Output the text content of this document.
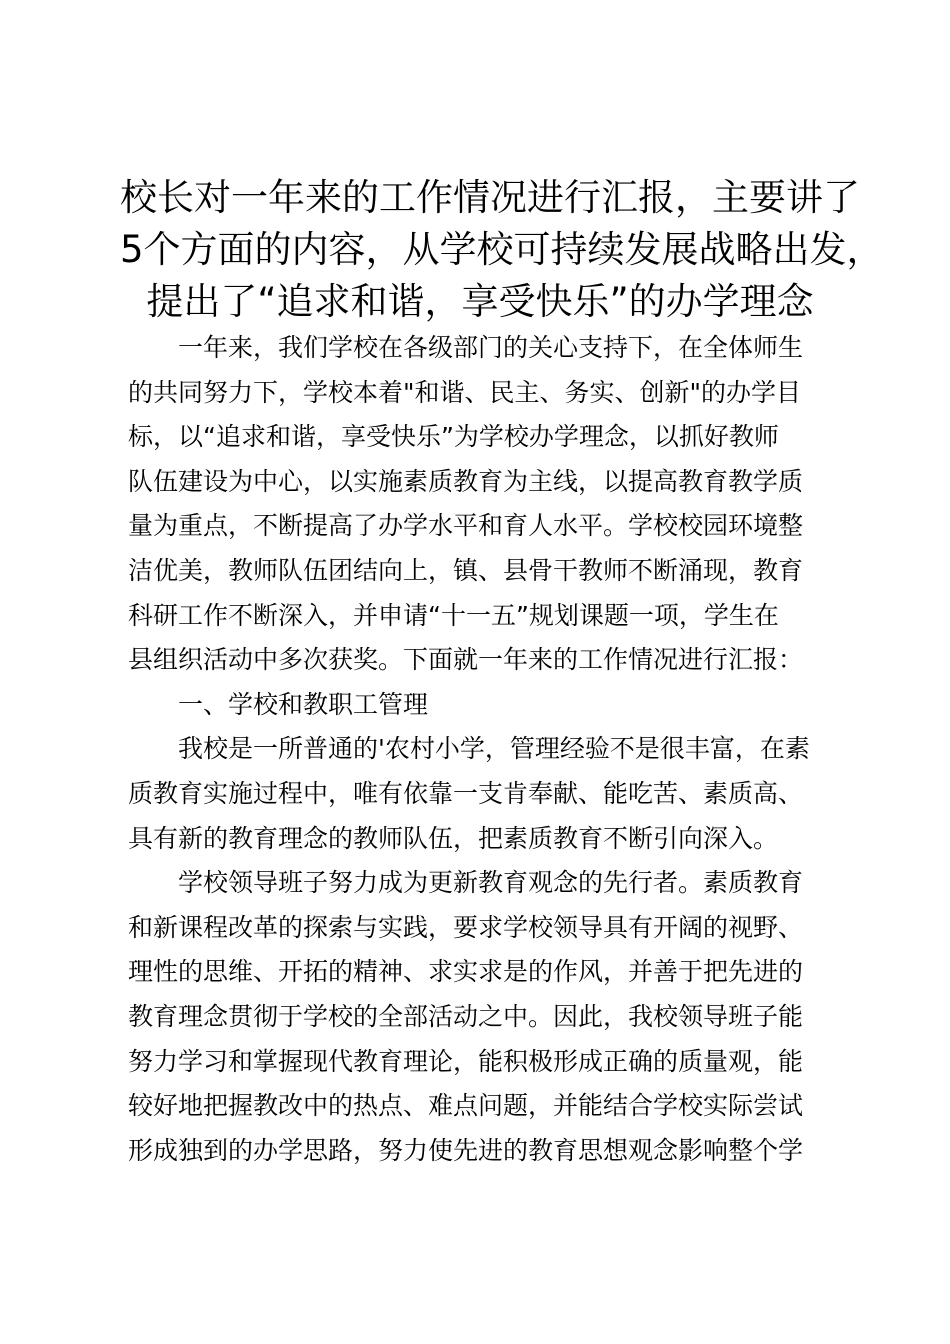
校长对一年来的工作情况进行汇报，主要讲了
5个方面的内容，从学校可持续发展战略出发，
提出了“追求和谐，享受快乐”的办学理念
一年来，我们学校在各级部门的关心支持下，在全体师生
的共同努力下，学校本着"和谐、民主、务实、创新"的办学目
标，以“追求和谐，享受快乐”为学校办学理念，以抓好教师
队伍建设为中心，以实施素质教育为主线，以提高教育教学质
量为重点，不断提高了办学水平和育人水平。学校校园环境整
洁优美，教师队伍团结向上，镇、县骨干教师不断涌现，教育
科研工作不断深入，并申请“十一五”规划课题一项，学生在
县组织活动中多次获奖。下面就一年来的工作情况进行汇报：
一、学校和教职工管理
我校是一所普通的'农村小学，管理经验不是很丰富，在素
质教育实施过程中，唯有依靠一支肯奉献、能吃苦、素质高、
具有新的教育理念的教师队伍，把素质教育不断引向深入。
学校领导班子努力成为更新教育观念的先行者。素质教育
和新课程改革的探索与实践，要求学校领导具有开阔的视野、
理性的思维、开拓的精神、求实求是的作风，并善于把先进的
教育理念贯彻于学校的全部活动之中。因此，我校领导班子能
努力学习和掌握现代教育理论，能积极形成正确的质量观，能
较好地把握教改中的热点、难点问题，并能结合学校实际尝试
形成独到的办学思路，努力使先进的教育思想观念影响整个学
